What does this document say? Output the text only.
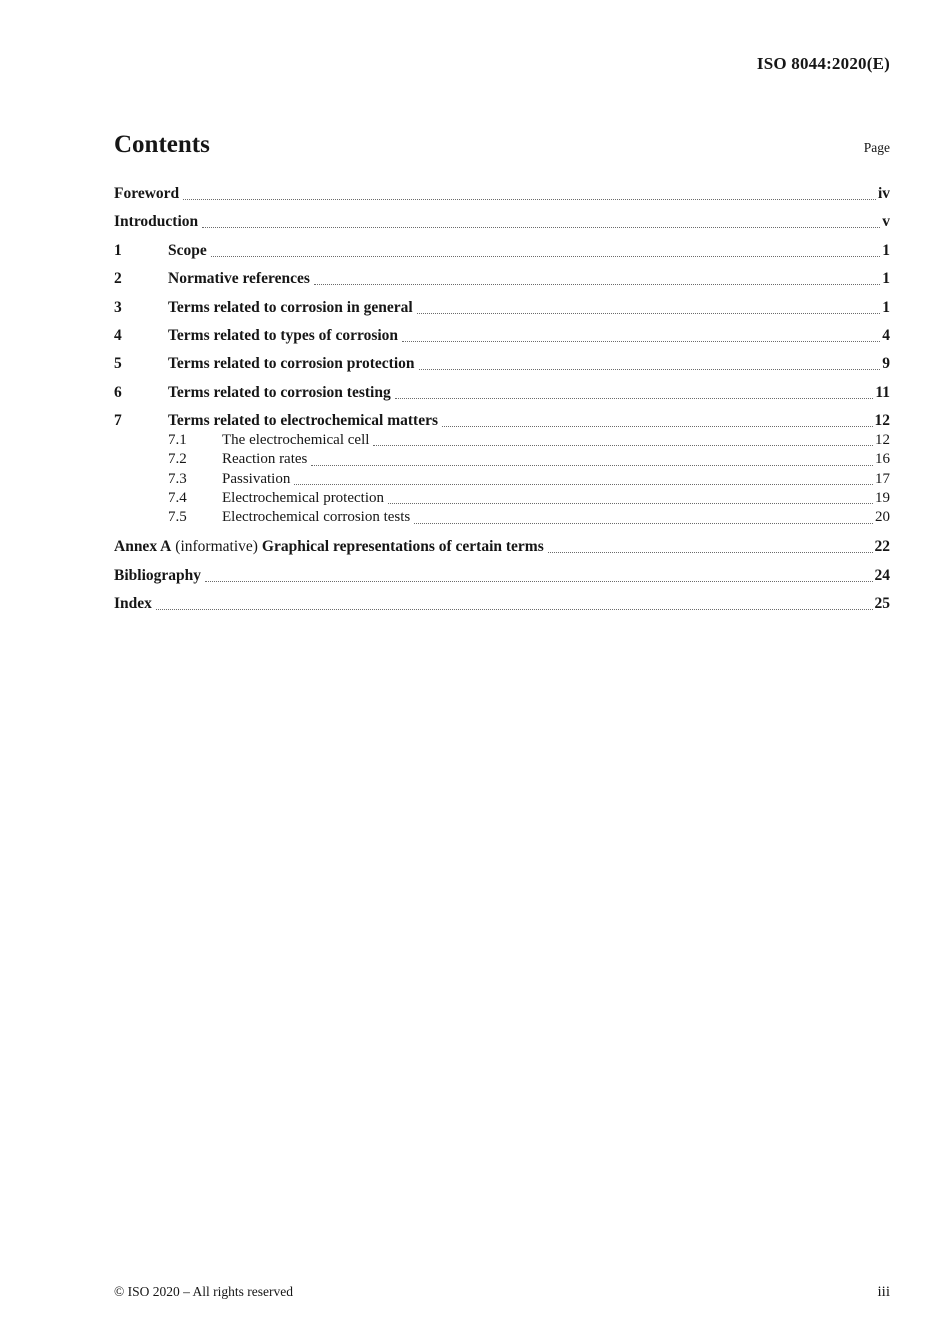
ISO 8044:2020(E)
Contents	Page
Foreword	iv
Introduction	v
1	Scope	1
2	Normative references	1
3	Terms related to corrosion in general	1
4	Terms related to types of corrosion	4
5	Terms related to corrosion protection	9
6	Terms related to corrosion testing	11
7	Terms related to electrochemical matters	12
7.1	The electrochemical cell	12
7.2	Reaction rates	16
7.3	Passivation	17
7.4	Electrochemical protection	19
7.5	Electrochemical corrosion tests	20
Annex A (informative) Graphical representations of certain terms	22
Bibliography	24
Index	25
© ISO 2020 – All rights reserved	iii
